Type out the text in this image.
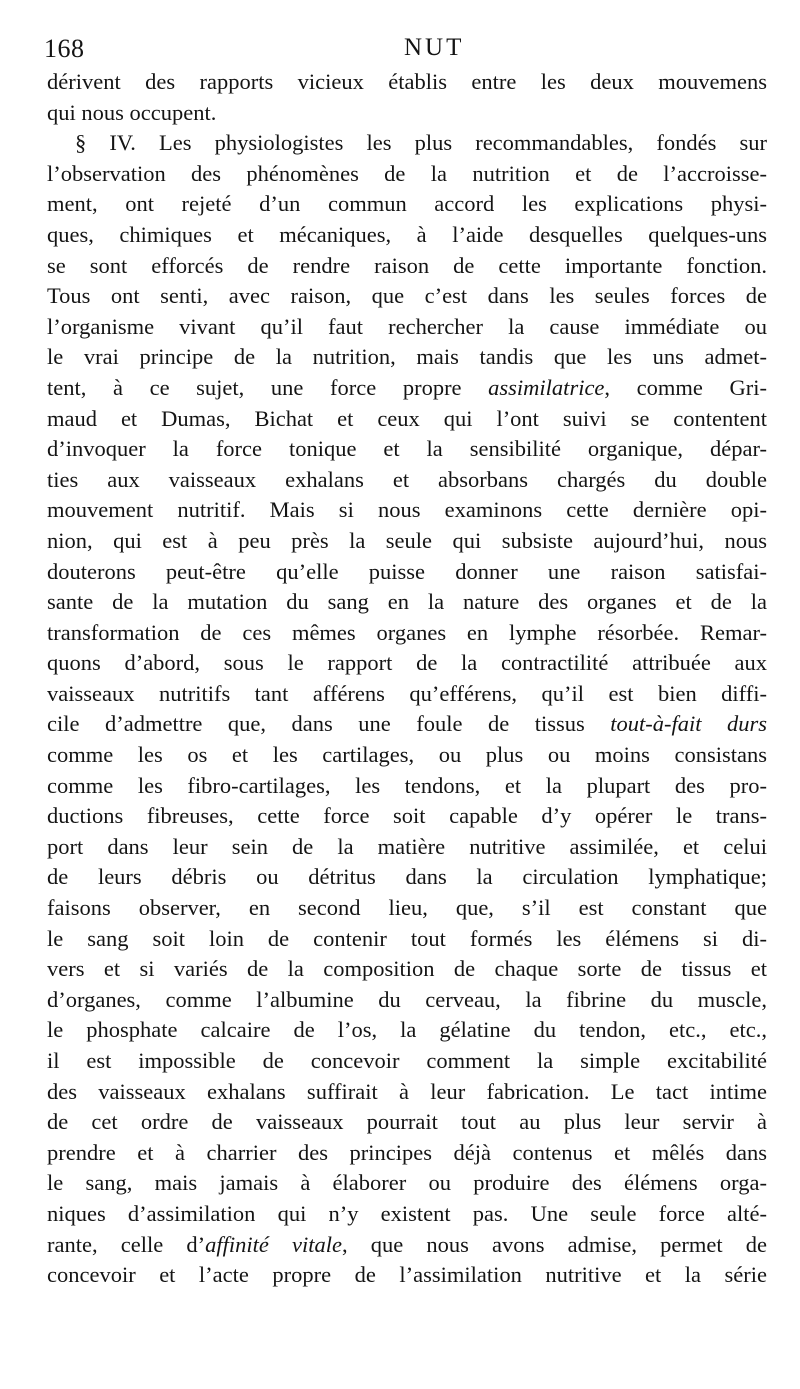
168	NUT
dérivent des rapports vicieux établis entre les deux mouvemens
qui nous occupent.
§ IV. Les physiologistes les plus recommandables, fondés sur
l’observation des phénomènes de la nutrition et de l’accroisse-
ment, ont rejeté d’un commun accord les explications physi-
ques, chimiques et mécaniques, à l’aide desquelles quelques-uns
se sont efforcés de rendre raison de cette importante fonction.
Tous ont senti, avec raison, que c’est dans les seules forces de
l’organisme vivant qu’il faut rechercher la cause immédiate ou
le vrai principe de la nutrition, mais tandis que les uns admet-
tent, à ce sujet, une force propre assimilatrice, comme Gri-
maud et Dumas, Bichat et ceux qui l’ont suivi se contentent
d’invoquer la force tonique et la sensibilité organique, dépar-
ties aux vaisseaux exhalans et absorbans chargés du double
mouvement nutritif. Mais si nous examinons cette dernière opi-
nion, qui est à peu près la seule qui subsiste aujourd’hui, nous
douterons peut-être qu’elle puisse donner une raison satisfai-
sante de la mutation du sang en la nature des organes et de la
transformation de ces mêmes organes en lymphe résorbée. Remar-
quons d’abord, sous le rapport de la contractilité attribuée aux
vaisseaux nutritifs tant afférens qu’efférens, qu’il est bien diffi-
cile d’admettre que, dans une foule de tissus tout-à-fait durs
comme les os et les cartilages, ou plus ou moins consistans
comme les fibro-cartilages, les tendons, et la plupart des pro-
ductions fibreuses, cette force soit capable d’y opérer le trans-
port dans leur sein de la matière nutritive assimilée, et celui
de leurs débris ou détritus dans la circulation lymphatique;
faisons observer, en second lieu, que, s’il est constant que
le sang soit loin de contenir tout formés les élémens si di-
vers et si variés de la composition de chaque sorte de tissus et
d’organes, comme l’albumine du cerveau, la fibrine du muscle,
le phosphate calcaire de l’os, la gélatine du tendon, etc., etc.,
il est impossible de concevoir comment la simple excitabilité
des vaisseaux exhalans suffirait à leur fabrication. Le tact intime
de cet ordre de vaisseaux pourrait tout au plus leur servir à
prendre et à charrier des principes déjà contenus et mêlés dans
le sang, mais jamais à élaborer ou produire des élémens orga-
niques d’assimilation qui n’y existent pas. Une seule force alté-
rante, celle d’affinité vitale, que nous avons admise, permet de
concevoir et l’acte propre de l’assimilation nutritive et la série
